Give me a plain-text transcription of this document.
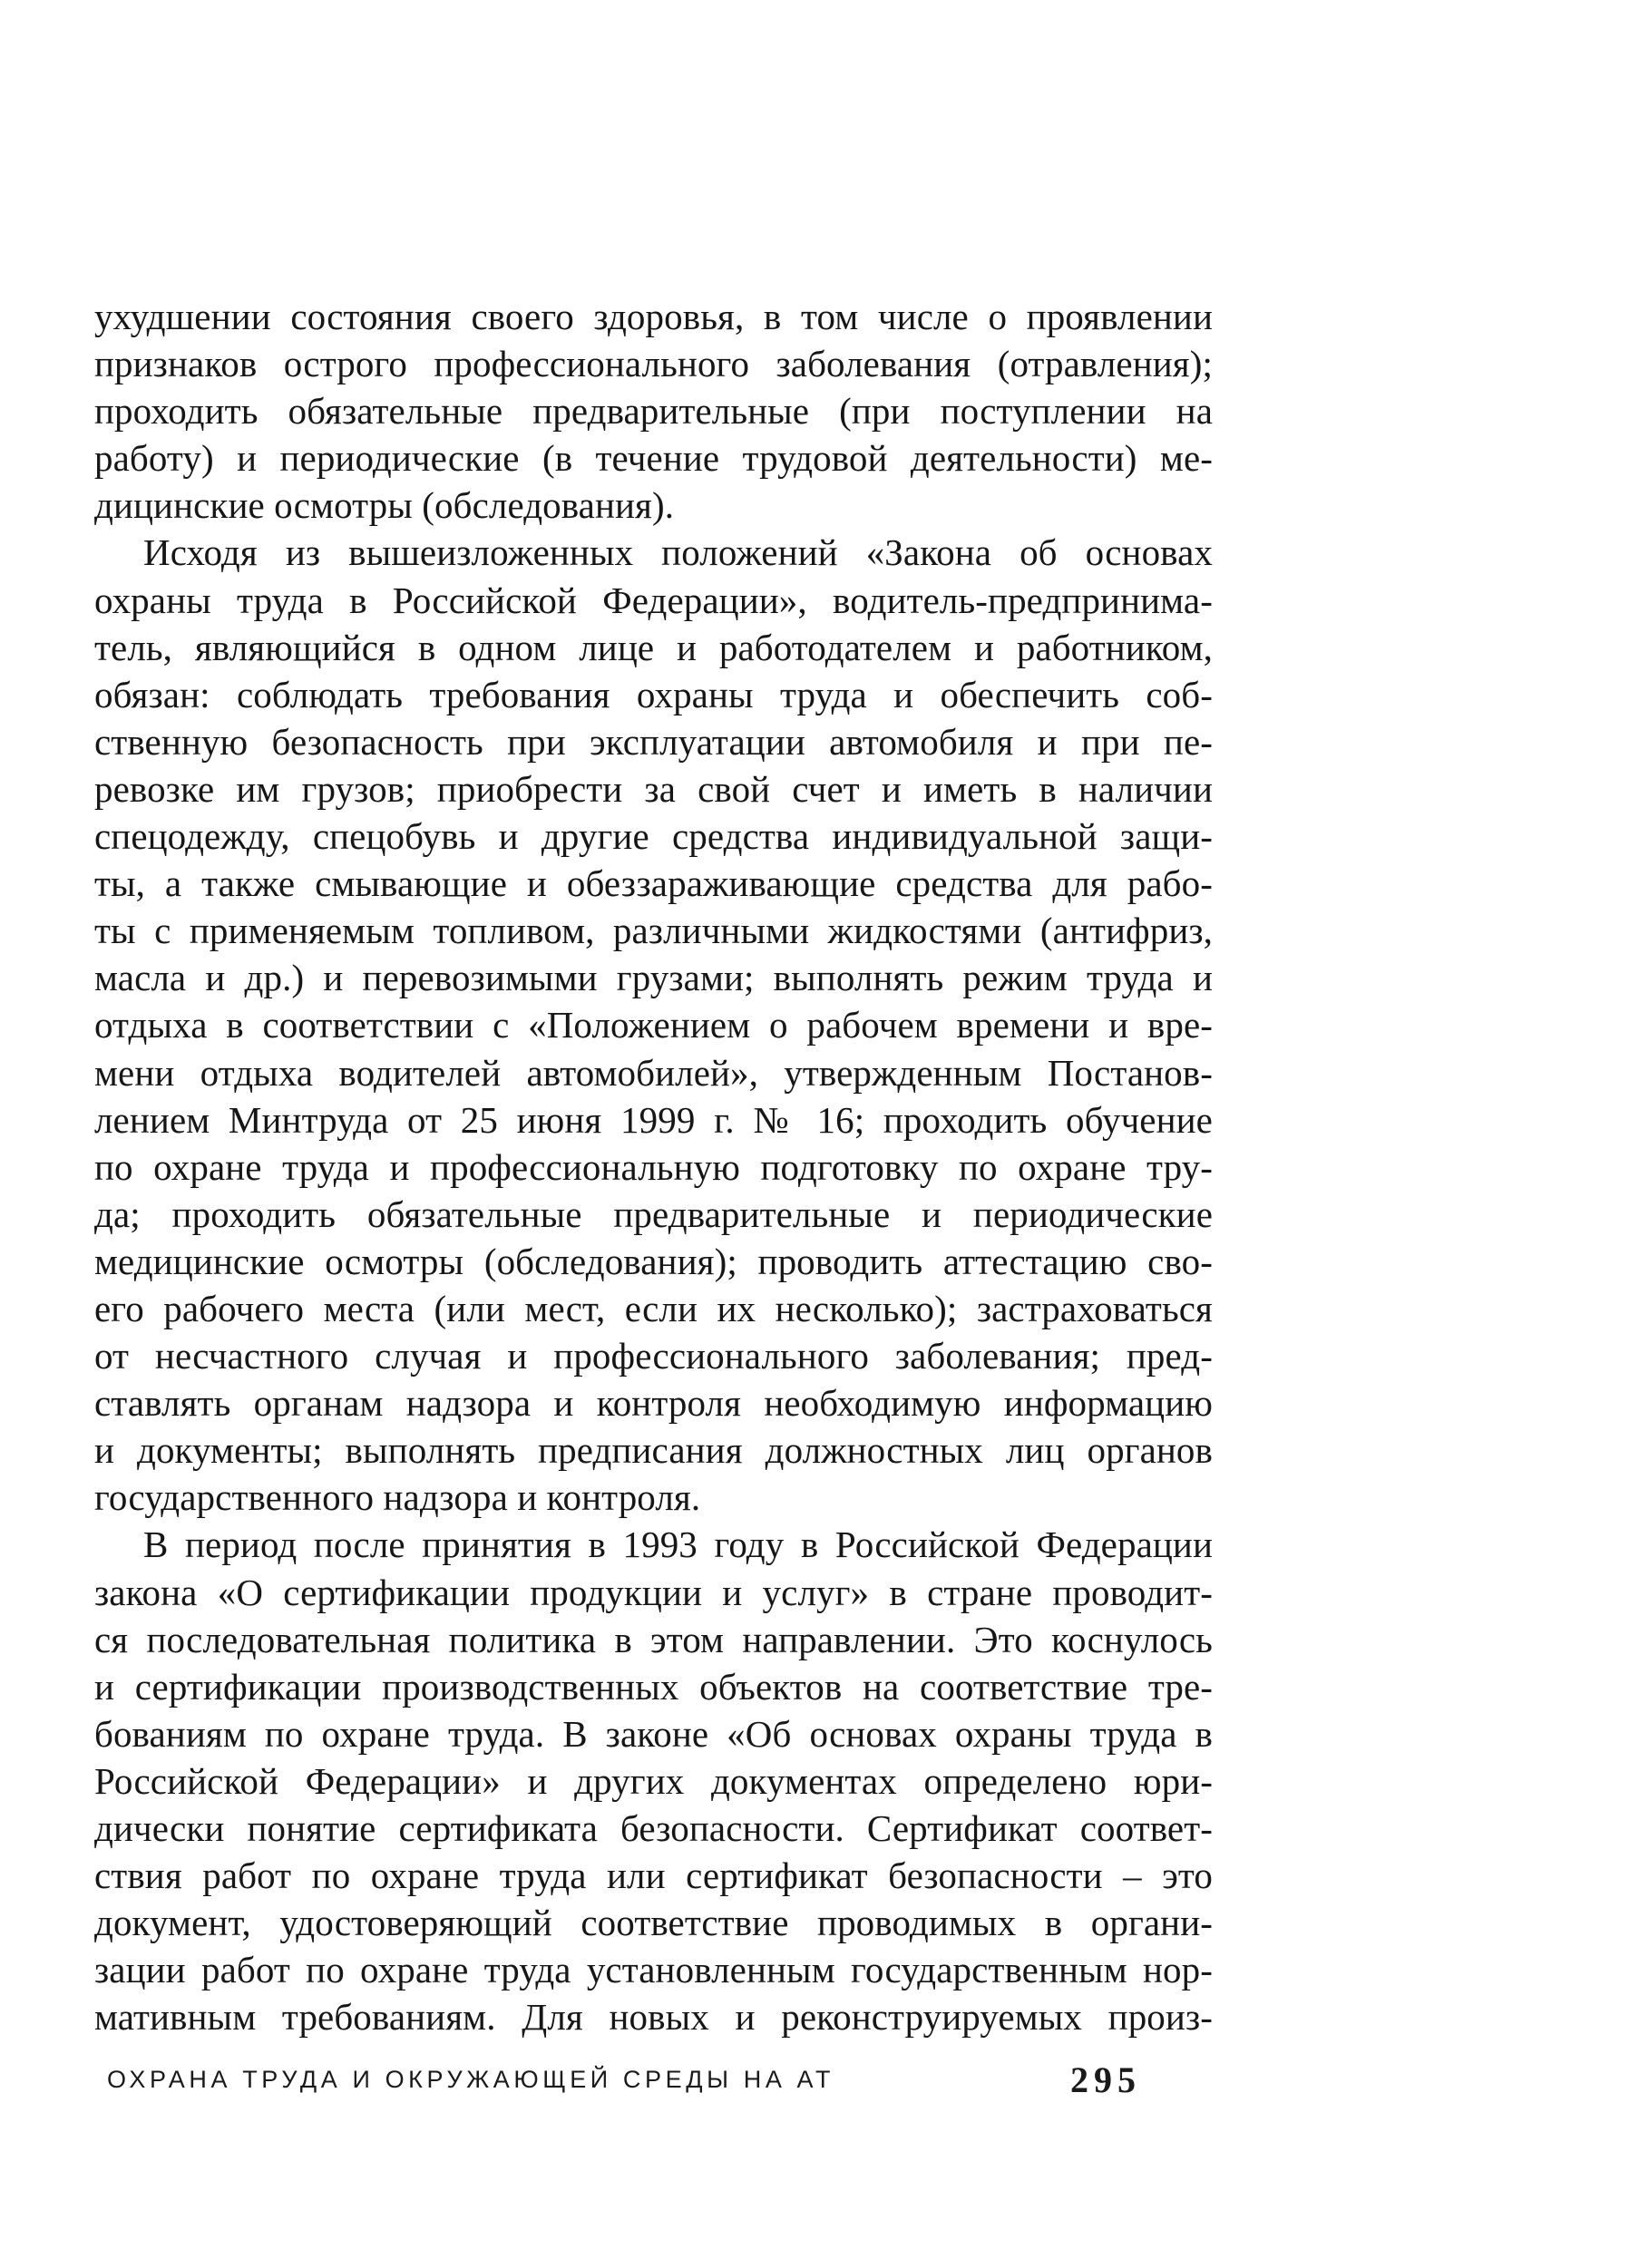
ухудшении состояния своего здоровья, в том числе о проявлении
признаков острого профессионального заболевания (отравления);
проходить обязательные предварительные (при поступлении на
работу) и периодические (в течение трудовой деятельности) ме-
дицинские осмотры (обследования).
Исходя из вышеизложенных положений «Закона об основах
охраны труда в Российской Федерации», водитель-предпринима-
тель, являющийся в одном лице и работодателем и работником,
обязан: соблюдать требования охраны труда и обеспечить соб-
ственную безопасность при эксплуатации автомобиля и при пе-
ревозке им грузов; приобрести за свой счет и иметь в наличии
спецодежду, спецобувь и другие средства индивидуальной защи-
ты, а также смывающие и обеззараживающие средства для рабо-
ты с применяемым топливом, различными жидкостями (антифриз,
масла и др.) и перевозимыми грузами; выполнять режим труда и
отдыха в соответствии с «Положением о рабочем времени и вре-
мени отдыха водителей автомобилей», утвержденным Постанов-
лением Минтруда от 25 июня 1999 г. № 16; проходить обучение
по охране труда и профессиональную подготовку по охране тру-
да; проходить обязательные предварительные и периодические
медицинские осмотры (обследования); проводить аттестацию сво-
его рабочего места (или мест, если их несколько); застраховаться
от несчастного случая и профессионального заболевания; пред-
ставлять органам надзора и контроля необходимую информацию
и документы; выполнять предписания должностных лиц органов
государственного надзора и контроля.
В период после принятия в 1993 году в Российской Федерации
закона «О сертификации продукции и услуг» в стране проводит-
ся последовательная политика в этом направлении. Это коснулось
и сертификации производственных объектов на соответствие тре-
бованиям по охране труда. В законе «Об основах охраны труда в
Российской Федерации» и других документах определено юри-
дически понятие сертификата безопасности. Сертификат соответ-
ствия работ по охране труда или сертификат безопасности – это
документ, удостоверяющий соответствие проводимых в органи-
зации работ по охране труда установленным государственным нор-
мативным требованиям. Для новых и реконструируемых произ-
ОХРАНА ТРУДА И ОКРУЖАЮЩЕЙ СРЕДЫ НА АТ	295
